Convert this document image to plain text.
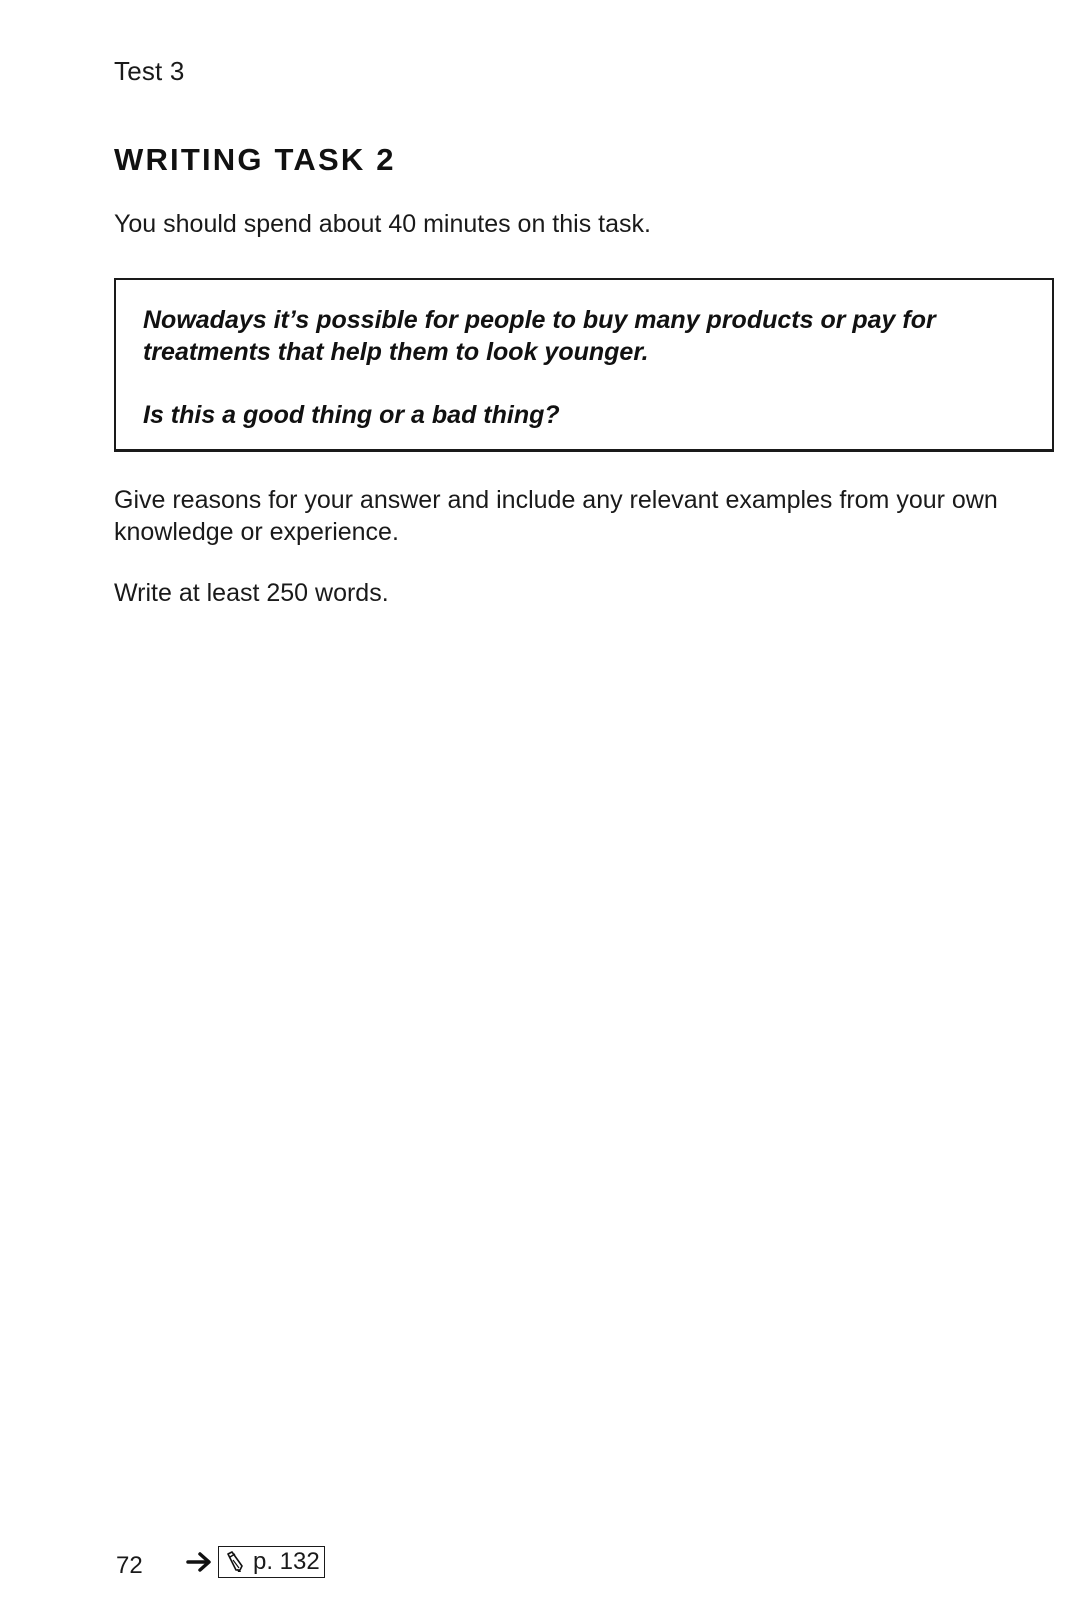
Test 3
WRITING TASK 2
You should spend about 40 minutes on this task.
Nowadays it’s possible for people to buy many products or pay for treatments that help them to look younger.
Is this a good thing or a bad thing?
Give reasons for your answer and include any relevant examples from your own knowledge or experience.
Write at least 250 words.
72	p. 132
